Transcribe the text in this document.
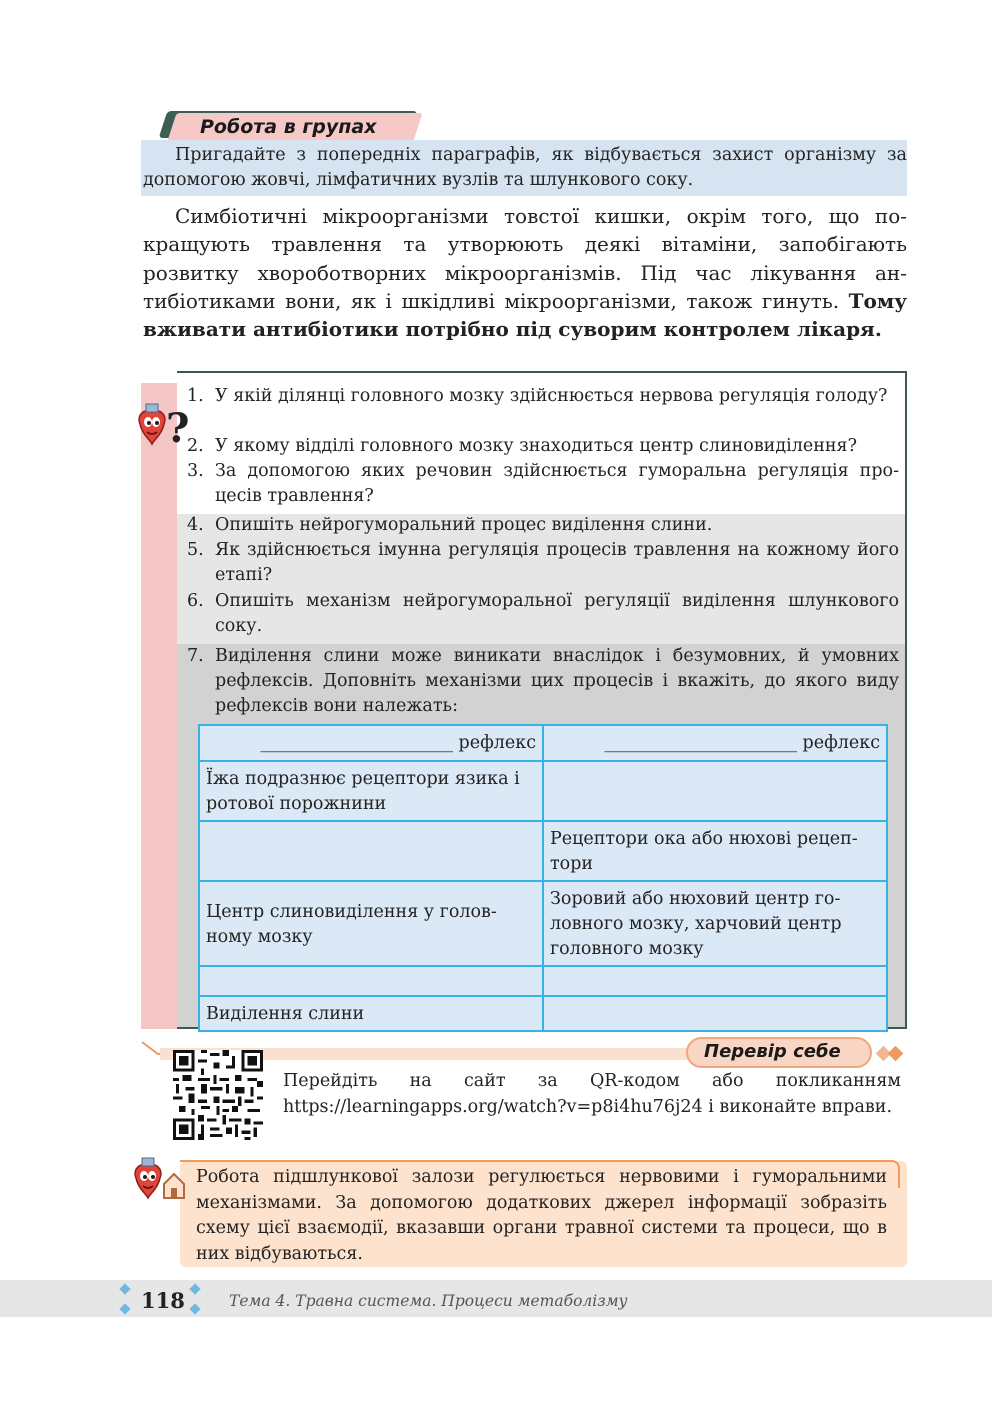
Робота в групах
Пригадайте з попередніх параграфів, як відбувається захист організму за допомогою жовчі, лімфатичних вузлів та шлункового соку.
Симбіотичні мікроорганізми товстої кишки, окрім того, що покращують травлення та утворюють деякі вітаміни, запобігають розвитку хвороботворних мікроорганізмів. Під час лікування антибіотиками вони, як і шкідливі мікроорганізми, також гинуть. Тому вживати антибіотики потрібно під суворим контролем лікаря.
?
1. У якій ділянці головного мозку здійснюється нервова регуляція голоду?
2. У якому відділі головного мозку знаходиться центр слиновиділення?
3. За допомогою яких речовин здійснюється гуморальна регуляція процесів травлення?
4. Опишіть нейрогуморальний процес виділення слини.
5. Як здійснюється імунна регуляція процесів травлення на кожному його етапі?
6. Опишіть механізм нейрогуморальної регуляції виділення шлункового соку.
7. Виділення слини може виникати внаслідок і безумовних, й умовних рефлексів. Доповніть механізми цих процесів і вкажіть, до якого виду рефлексів вони належать:
______________________ рефлекс	______________________ рефлекс
Їжа подразнює рецептори язика і ротової порожнини	
	Рецептори ока або нюхові рецептори
Центр слиновиділення у головному мозку	Зоровий або нюховий центр головного мозку, харчовий центр головного мозку

Виділення слини	
Перевір себе
Перейдіть на сайт за QR-кодом або покликанням https://learningapps.org/watch?v=p8i4hu76j24 і виконайте вправи.
Робота підшлункової залози регулюється нервовими і гуморальними механізмами. За допомогою додаткових джерел інформації зобразіть схему цієї взаємодії, вказавши органи травної системи та процеси, що в них відбуваються.
118	Тема 4. Травна система. Процеси метаболізму
